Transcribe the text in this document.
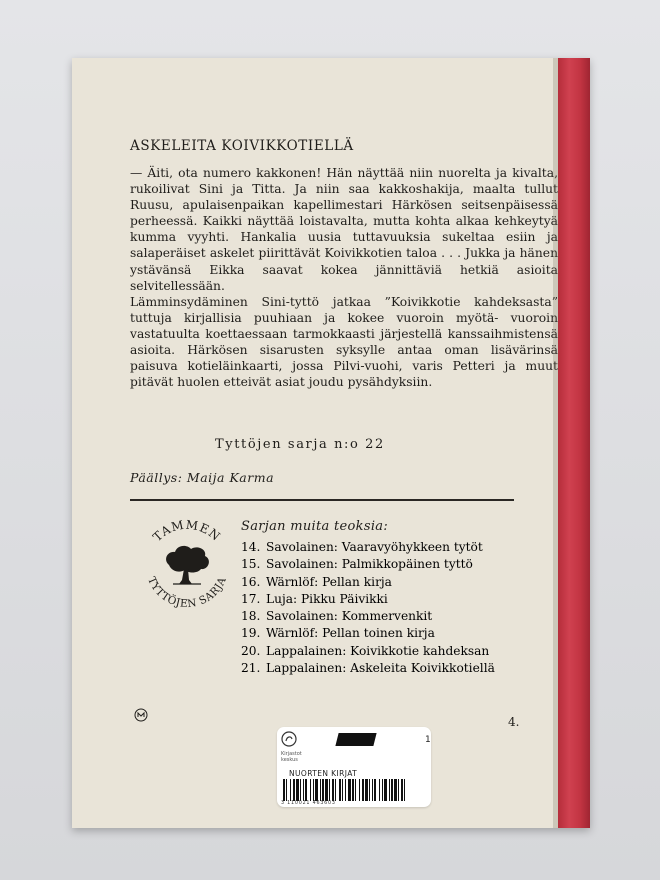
ASKELEITA KOIVIKKOTIELLÄ

— Äiti, ota numero kakkonen! Hän näyttää niin nuorelta ja kivalta, rukoilivat Sini ja Titta. Ja niin saa kakkoshakija, maalta tullut Ruusu, apulaisenpaikan kapellimestari Härkösen seitsenpäisessä perheessä. Kaikki näyttää loistavalta, mutta kohta alkaa kehkeytyä kumma vyyhti. Hankalia uusia tuttavuuksia sukeltaa esiin ja salaperäiset askelet piirittävät Koivikkotien taloa . . . Jukka ja hänen ystävänsä Eikka saavat kokea jännittäviä hetkiä asioita selvitellessään.
Lämminsydäminen Sini-tyttö jatkaa ”Koivikkotie kahdeksasta” tuttuja kirjallisia puuhiaan ja kokee vuoroin myötä- vuoroin vastatuulta koettaessaan tarmokkaasti järjestellä kanssaihmistensä asioita. Härkösen sisarusten syksylle antaa oman lisävärinsä paisuva kotieläinkaarti, jossa Pilvi-vuohi, varis Petteri ja muut pitävät huolen etteivät asiat joudu pysähdyksiin.

Tyttöjen sarja n:o 22
Päällys: Maija Karma
TAMMEN
TYTTÖJEN SARJA
Sarjan muita teoksia:
14. Savolainen: Vaaravyöhykkeen tytöt
15. Savolainen: Palmikkopäinen tyttö
16. Wärnlöf: Pellan kirja
17. Luja: Pikku Päivikki
18. Savolainen: Kommervenkit
19. Wärnlöf: Pellan toinen kirja
20. Lappalainen: Koivikkotie kahdeksan
21. Lappalainen: Askeleita Koivikkotiellä
4.
Kirjastot
keskus
1
NUORTEN KIRJAT
3 110021 463603
